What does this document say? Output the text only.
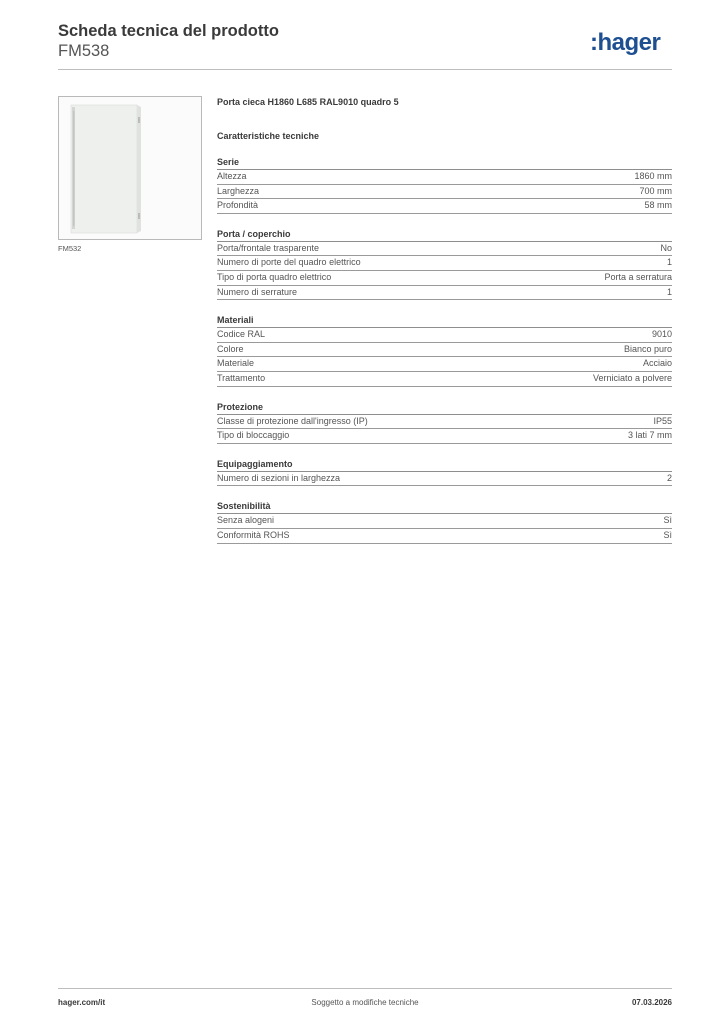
Scheda tecnica del prodotto
FM538	:hager
FM532
Porta cieca H1860 L685 RAL9010 quadro 5
Caratteristiche tecniche
Serie
Altezza	1860 mm
Larghezza	700 mm
Profondità	58 mm
Porta / coperchio
Porta/frontale trasparente	No
Numero di porte del quadro elettrico	1
Tipo di porta quadro elettrico	Porta a serratura
Numero di serrature	1
Materiali
Codice RAL	9010
Colore	Bianco puro
Materiale	Acciaio
Trattamento	Verniciato a polvere
Protezione
Classe di protezione dall'ingresso (IP)	IP55
Tipo di bloccaggio	3 lati 7 mm
Equipaggiamento
Numero di sezioni in larghezza	2
Sostenibilità
Senza alogeni	Sì
Conformità ROHS	Sì
hager.com/it	Soggetto a modifiche tecniche	07.03.2026
